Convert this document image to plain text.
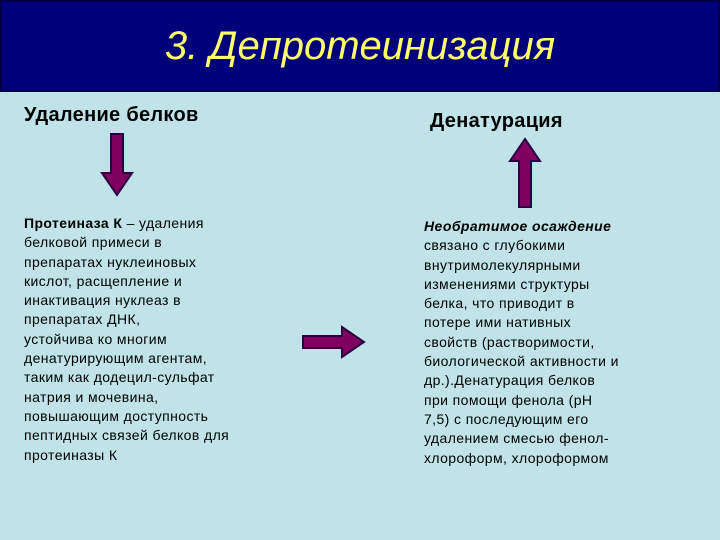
3. Депротеинизация
Удаление белков	Денатурация
Протеиназа К – удаления
белковой примеси в
препаратах нуклеиновых
кислот, расщепление и
инактивация нуклеаз в
препаратах ДНК,
устойчива ко многим
денатурирующим агентам,
таким как додецил-сульфат
натрия и мочевина,
повышающим доступность
пептидных связей белков для
протеиназы К
Необратимое осаждение
связано с глубокими
внутримолекулярными
изменениями структуры
белка, что приводит в
потере ими нативных
свойств (растворимости,
биологической активности и
др.).Денатурация белков
при помощи фенола (рН
7,5) с последующим его
удалением смесью фенол-
хлороформ, хлороформом
